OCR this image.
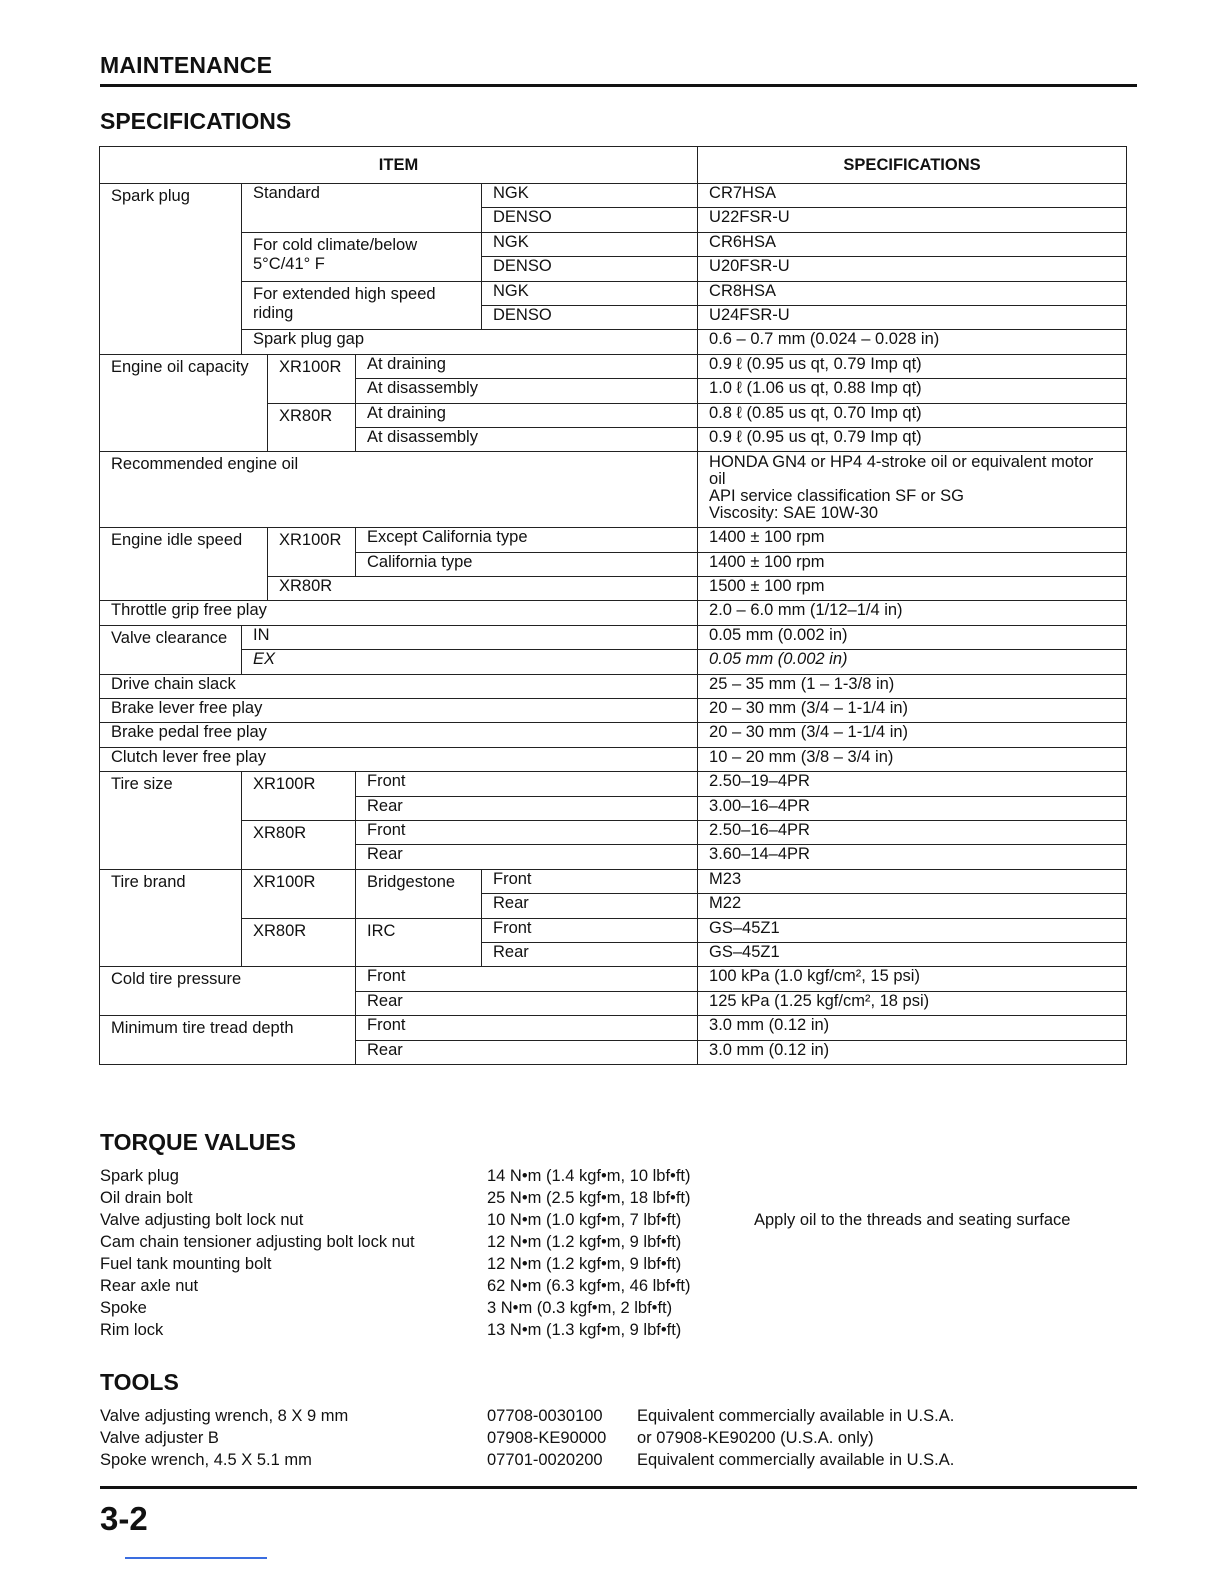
MAINTENANCE
SPECIFICATIONS
ITEM					SPECIFICATIONS
Spark plug	Standard			NGK	CR7HSA
				DENSO	U22FSR-U
	For cold climate/below 5°C/41° F			NGK	CR6HSA
				DENSO	U20FSR-U
	For extended high speed riding			NGK	CR8HSA
				DENSO	U24FSR-U
	Spark plug gap				0.6 – 0.7 mm (0.024 – 0.028 in)
Engine oil capacity		XR100R	At draining		0.9 ℓ (0.95 us qt, 0.79 Imp qt)
			At disassembly		1.0 ℓ (1.06 us qt, 0.88 Imp qt)
		XR80R	At draining		0.8 ℓ (0.85 us qt, 0.70 Imp qt)
			At disassembly		0.9 ℓ (0.95 us qt, 0.79 Imp qt)
Recommended engine oil					HONDA GN4 or HP4 4-stroke oil or equivalent motor oil
API service classification SF or SG
Viscosity: SAE 10W-30

Engine idle speed		XR100R	Except California type		1400 ± 100 rpm
			California type		1400 ± 100 rpm
		XR80R			1500 ± 100 rpm
Throttle grip free play					2.0 – 6.0 mm (1/12–1/4 in)
Valve clearance	IN				0.05 mm (0.002 in)
	EX				0.05 mm (0.002 in)
Drive chain slack					25 – 35 mm (1 – 1-3/8 in)
Brake lever free play					20 – 30 mm (3/4 – 1-1/4 in)
Brake pedal free play					20 – 30 mm (3/4 – 1-1/4 in)
Clutch lever free play					10 – 20 mm (3/8 – 3/4 in)
Tire size	XR100R		Front		2.50–19–4PR
			Rear		3.00–16–4PR
	XR80R		Front		2.50–16–4PR
			Rear		3.60–14–4PR
Tire brand	XR100R		Bridgestone	Front	M23
				Rear	M22
	XR80R		IRC	Front	GS–45Z1
				Rear	GS–45Z1
Cold tire pressure			Front		100 kPa (1.0 kgf/cm², 15 psi)
			Rear		125 kPa (1.25 kgf/cm², 18 psi)
Minimum tire tread depth			Front		3.0 mm (0.12 in)
			Rear		3.0 mm (0.12 in)
TORQUE VALUES
Spark plug	14 N•m (1.4 kgf•m, 10 lbf•ft)
Oil drain bolt	25 N•m (2.5 kgf•m, 18 lbf•ft)
Valve adjusting bolt lock nut	10 N•m (1.0 kgf•m, 7 lbf•ft)	Apply oil to the threads and seating surface
Cam chain tensioner adjusting bolt lock nut	12 N•m (1.2 kgf•m, 9 lbf•ft)
Fuel tank mounting bolt	12 N•m (1.2 kgf•m, 9 lbf•ft)
Rear axle nut	62 N•m (6.3 kgf•m, 46 lbf•ft)
Spoke	3 N•m (0.3 kgf•m, 2 lbf•ft)
Rim lock	13 N•m (1.3 kgf•m, 9 lbf•ft)
TOOLS
Valve adjusting wrench, 8 X 9 mm	07708-0030100 Equivalent commercially available in U.S.A.
Valve adjuster B	07908-KE90000 or 07908-KE90200 (U.S.A. only)
Spoke wrench, 4.5 X 5.1 mm	07701-0020200 Equivalent commercially available in U.S.A.
3-2
